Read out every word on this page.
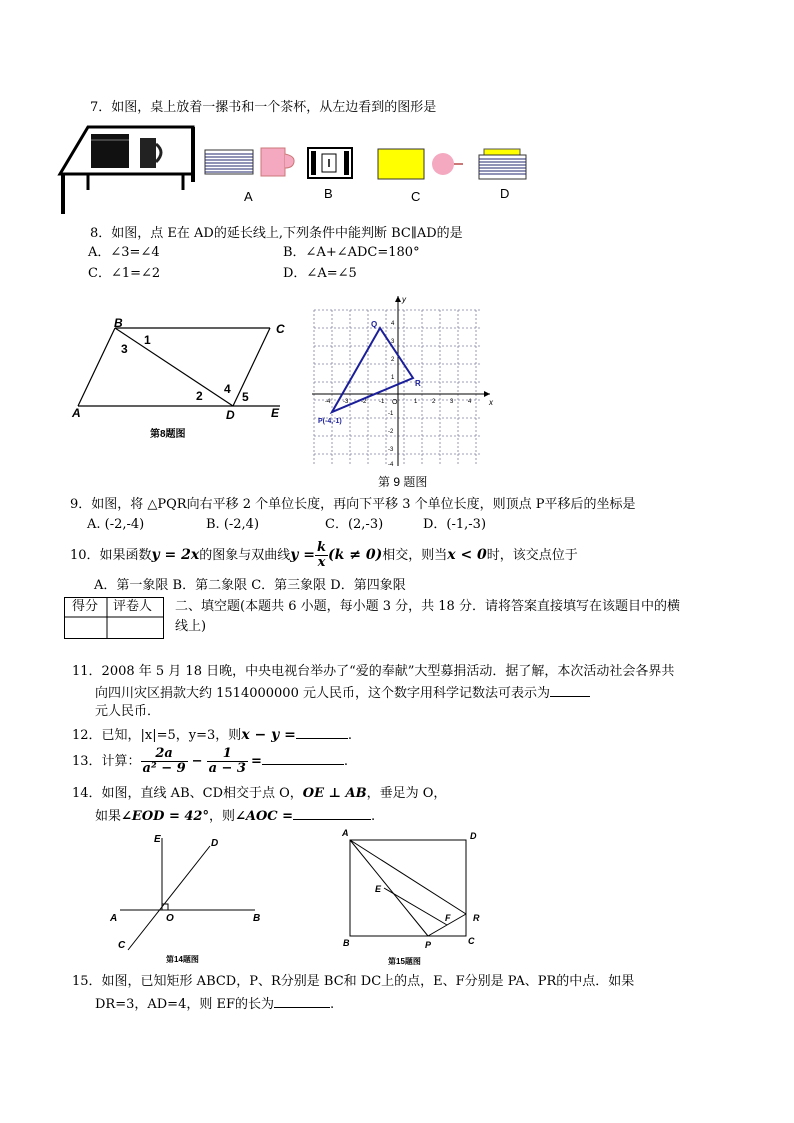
7．如图，桌上放着一摞书和一个茶杯，从左边看到的图形是
A	B	C	D
8．如图，点 E在 AD的延长线上,下列条件中能判断 BC∥AD的是
A．∠3=∠4	B．∠A+∠ADC=180°
C．∠1=∠2	D．∠A=∠5
B	C
A	D	E
1
3
2 4
5
第8题图
x
y
O
-4 -3 -2 -1	1 2 3 4
4
3
2
1
-1
-2
-3
-4
Q
R
P(-4,-1)
第 9 题图
9．如图，将 △PQR向右平移 2 个单位长度，再向下平移 3 个单位长度，则顶点 P平移后的坐标是
A. (-2,-4)	B. (-2,4)	C．(2,-3)	D．(-1,-3)
10．如果函数y = 2x的图象与双曲线$y = \frac{k}{x} (k \ne 0)$相交，则当x < 0时，该交点位于
A．第一象限 B．第二象限 C．第三象限 D．第四象限
得分 评卷人 二、填空题(本题共 6 小题，每小题 3 分，共 18 分．请将答案直接填写在该题目中的横
线上)
11．2008 年 5 月 18 日晚，中央电视台举办了“爱的奉献”大型募捐活动．据了解，本次活动社会各界共
向四川灾区捐款大约 1514000000 元人民币，这个数字用科学记数法可表示为
元人民币．
12．已知，|x|=5，y=3，则x − y =	.
13．计算： $\frac{2a}{\text{a² − 9}} - \frac{1}{a - 3}$ =	.
14．如图，直线 AB、CD相交于点 O，OE ⊥ AB，垂足为 O，
如果∠EOD = 42°，则∠AOC =	.
E	D
A	O	B
C
第14题图
A	D
E
F	R
B	P	C
第15题图
15．如图，已知矩形 ABCD，P、R分别是 BC和 DC上的点，E、F分别是 PA、PR的中点．如果
DR=3，AD=4，则 EF的长为	.
